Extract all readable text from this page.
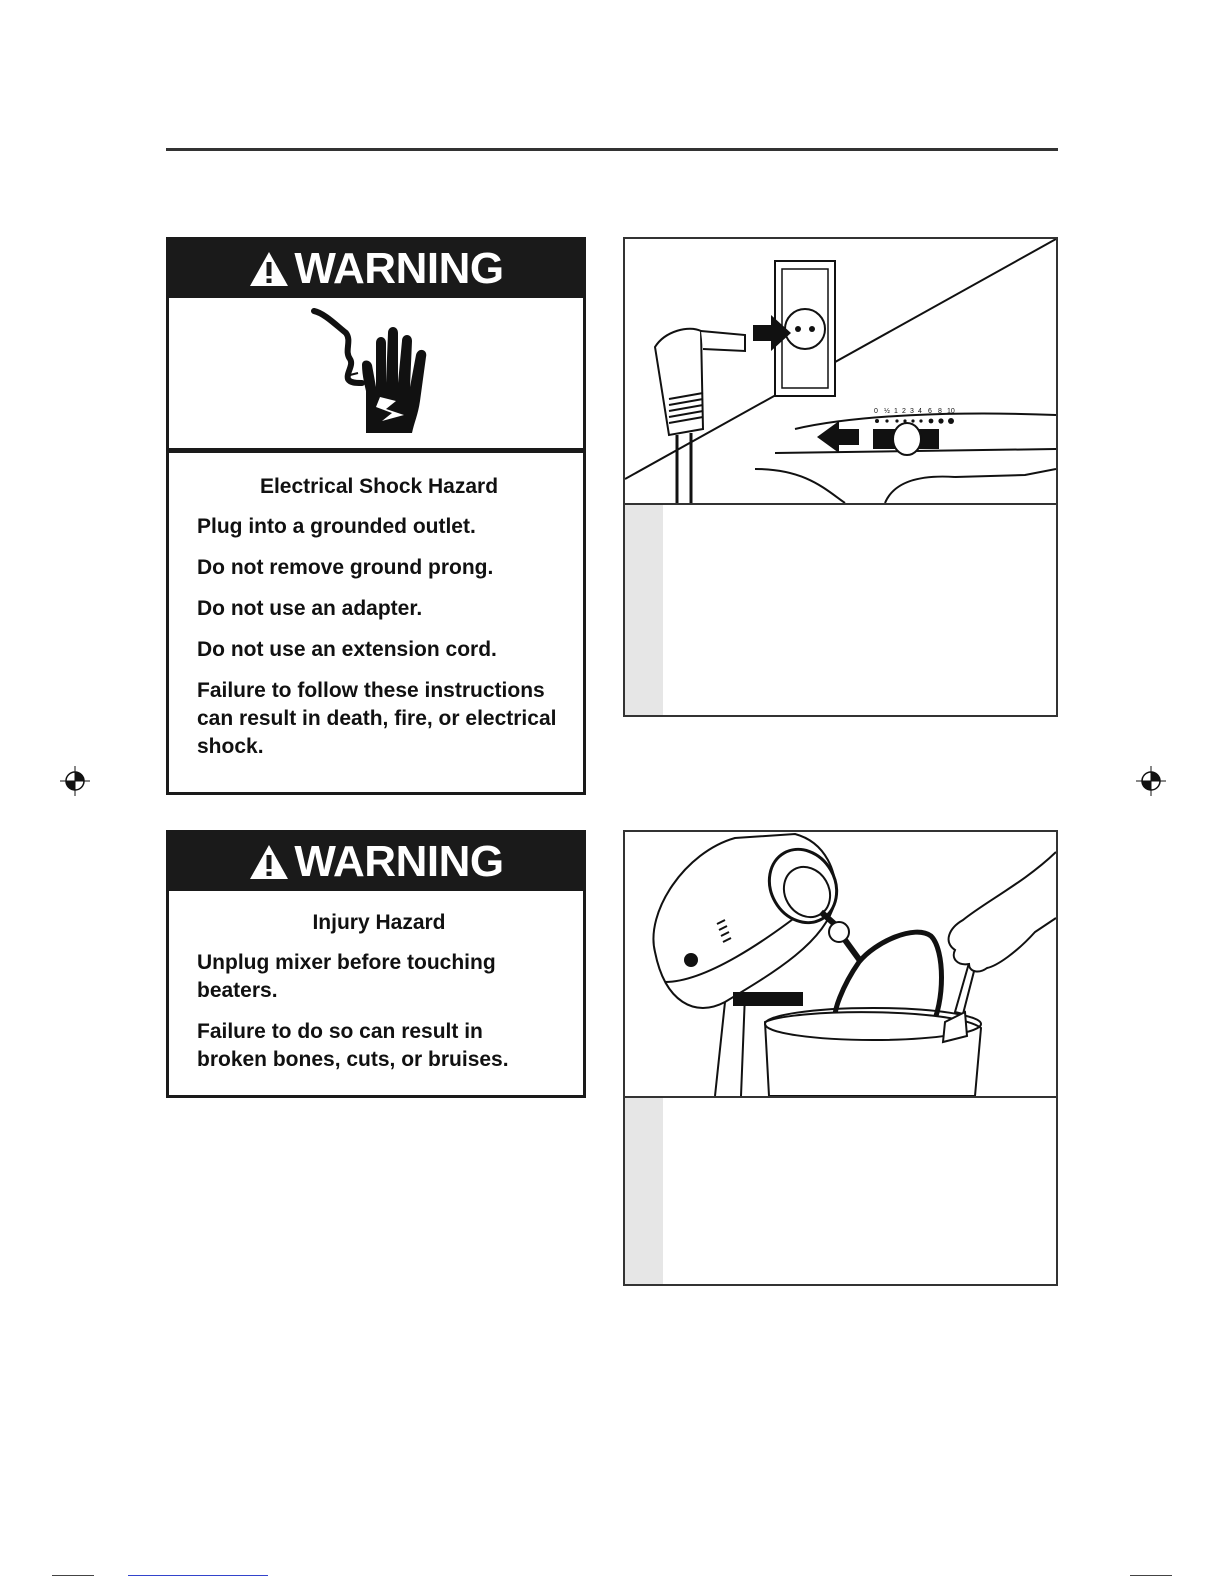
WARNING

Electrical Shock Hazard

Plug into a grounded outlet.

Do not remove ground prong.

Do not use an adapter.

Do not use an extension cord.

Failure to follow these instructions can result in death, fire, or electrical shock.

WARNING

Injury Hazard

Unplug mixer before touching beaters.

Failure to do so can result in broken bones, cuts, or bruises.

0 ½ 1 2 3 4 6 8 10
